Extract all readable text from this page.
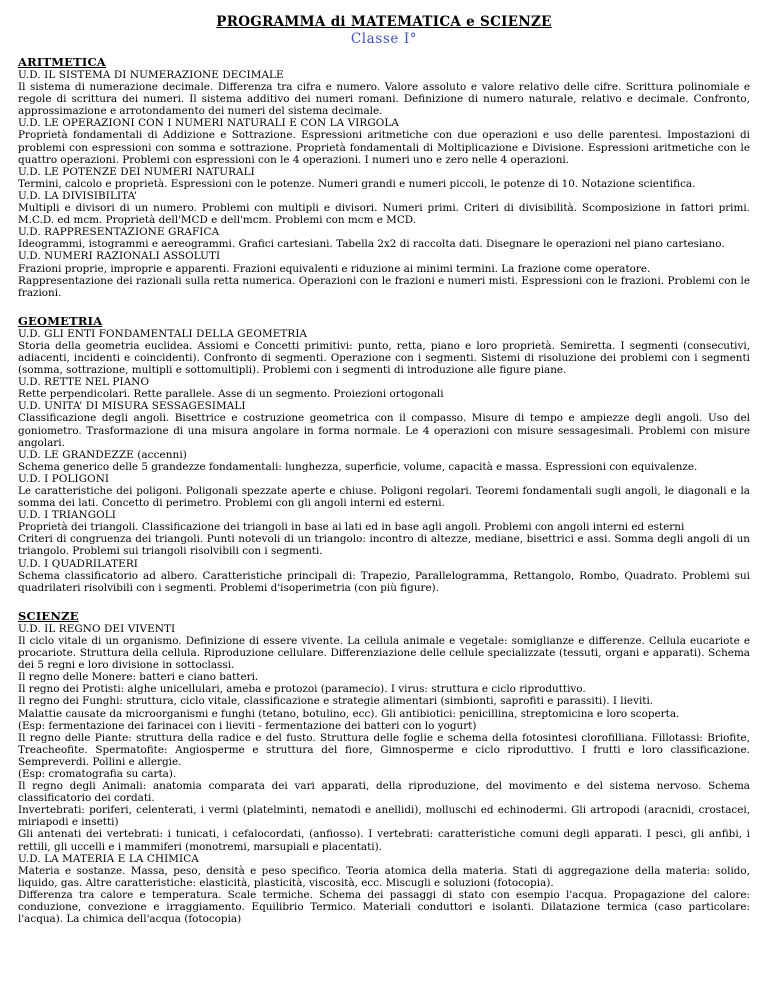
PROGRAMMA di MATEMATICA e SCIENZE
Classe I°
ARITMETICA
U.D. IL SISTEMA DI NUMERAZIONE DECIMALE
Il sistema di numerazione decimale. Differenza tra cifra e numero. Valore assoluto e valore relativo delle cifre. Scrittura polinomiale e regole di scrittura dei numeri. Il sistema additivo dei numeri romani. Definizione di numero naturale, relativo e decimale. Confronto, approssimazione e arrotondamento dei numeri del sistema decimale.
U.D. LE OPERAZIONI CON I NUMERI NATURALI E CON LA VIRGOLA
Proprietà fondamentali di Addizione e Sottrazione. Espressioni aritmetiche con due operazioni e uso delle parentesi. Impostazioni di problemi con espressioni con somma e sottrazione. Proprietà fondamentali di Moltiplicazione e Divisione. Espressioni aritmetiche con le quattro operazioni. Problemi con espressioni con le 4 operazioni. I numeri uno e zero nelle 4 operazioni.
U.D. LE POTENZE DEI NUMERI NATURALI
Termini, calcolo e proprietà. Espressioni con le potenze. Numeri grandi e numeri piccoli, le potenze di 10. Notazione scientifica.
U.D. LA DIVISIBILITA’
Multipli e divisori di un numero. Problemi con multipli e divisori. Numeri primi. Criteri di divisibilità. Scomposizione in fattori primi. M.C.D. ed mcm. Proprietà dell'MCD e dell'mcm. Problemi con mcm e MCD.
U.D. RAPPRESENTAZIONE GRAFICA
Ideogrammi, istogrammi e aereogrammi. Grafici cartesiani. Tabella 2x2 di raccolta dati. Disegnare le operazioni nel piano cartesiano.
U.D. NUMERI RAZIONALI ASSOLUTI
Frazioni proprie, improprie e apparenti. Frazioni equivalenti e riduzione ai minimi termini. La frazione come operatore.
Rappresentazione dei razionali sulla retta numerica. Operazioni con le frazioni e numeri misti. Espressioni con le frazioni. Problemi con le frazioni.
GEOMETRIA
U.D. GLI ENTI FONDAMENTALI DELLA GEOMETRIA
Storia della geometria euclidea. Assiomi e Concetti primitivi: punto, retta, piano e loro proprietà. Semiretta. I segmenti (consecutivi, adiacenti, incidenti e coincidenti). Confronto di segmenti. Operazione con i segmenti. Sistemi di risoluzione dei problemi con i segmenti (somma, sottrazione, multipli e sottomultipli). Problemi con i segmenti di introduzione alle figure piane.
U.D. RETTE NEL PIANO
Rette perpendicolari. Rette parallele. Asse di un segmento. Proiezioni ortogonali
U.D. UNITA’ DI MISURA SESSAGESIMALI
Classificazione degli angoli. Bisettrice e costruzione geometrica con il compasso. Misure di tempo e ampiezze degli angoli. Uso del goniometro. Trasformazione di una misura angolare in forma normale. Le 4 operazioni con misure sessagesimali. Problemi con misure angolari.
U.D. LE GRANDEZZE (accenni)
Schema generico delle 5 grandezze fondamentali: lunghezza, superficie, volume, capacità e massa. Espressioni con equivalenze.
U.D. I POLIGONI
Le caratteristiche dei poligoni. Poligonali spezzate aperte e chiuse. Poligoni regolari. Teoremi fondamentali sugli angoli, le diagonali e la somma dei lati. Concetto di perimetro. Problemi con gli angoli interni ed esterni.
U.D. I TRIANGOLI
Proprietà dei triangoli. Classificazione dei triangoli in base ai lati ed in base agli angoli. Problemi con angoli interni ed esterni
Criteri di congruenza dei triangoli. Punti notevoli di un triangolo: incontro di altezze, mediane, bisettrici e assi. Somma degli angoli di un triangolo. Problemi sui triangoli risolvibili con i segmenti.
U.D. I QUADRILATERI
Schema classificatorio ad albero. Caratteristiche principali di: Trapezio, Parallelogramma, Rettangolo, Rombo, Quadrato. Problemi sui quadrilateri risolvibili con i segmenti. Problemi d'isoperimetria (con più figure).
SCIENZE
U.D. IL REGNO DEI VIVENTI
Il ciclo vitale di un organismo. Definizione di essere vivente. La cellula animale e vegetale: somiglianze e differenze. Cellula eucariote e procariote. Struttura della cellula. Riproduzione cellulare. Differenziazione delle cellule specializzate (tessuti, organi e apparati). Schema dei 5 regni e loro divisione in sottoclassi.
Il regno delle Monere: batteri e ciano batteri.
Il regno dei Protisti: alghe unicellulari, ameba e protozoi (paramecio). I virus: struttura e ciclo riproduttivo.
Il regno dei Funghi: struttura, ciclo vitale, classificazione e strategie alimentari (simbionti, saprofiti e parassiti). I lieviti.
Malattie causate da microorganismi e funghi (tetano, botulino, ecc). Gli antibiotici: penicillina, streptomicina e loro scoperta.
(Esp: fermentazione dei farinacei con i lieviti - fermentazione dei batteri con lo yogurt)
Il regno delle Piante: struttura della radice e del fusto. Struttura delle foglie e schema della fotosintesi clorofilliana. Fillotassi: Briofite, Treacheofite. Spermatofite: Angiosperme e struttura del fiore, Gimnosperme e ciclo riproduttivo. I frutti e loro classificazione. Sempreverdi. Pollini e allergie.
(Esp: cromatografia su carta).
Il regno degli Animali: anatomia comparata dei vari apparati, della riproduzione, del movimento e del sistema nervoso. Schema classificatorio dei cordati.
Invertebrati: poriferi, celenterati, i vermi (platelminti, nematodi e anellidi), molluschi ed echinodermi. Gli artropodi (aracnidi, crostacei, miriapodi e insetti)
Gli antenati dei vertebrati: i tunicati, i cefalocordati, (anfiosso). I vertebrati: caratteristiche comuni degli apparati. I pesci, gli anfibi, i rettili, gli uccelli e i mammiferi (monotremi, marsupiali e placentati).
U.D. LA MATERIA E LA CHIMICA
Materia e sostanze. Massa, peso, densità e peso specifico. Teoria atomica della materia. Stati di aggregazione della materia: solido, liquido, gas. Altre caratteristiche: elasticità, plasticità, viscosità, ecc. Miscugli e soluzioni (fotocopia).
Differenza tra calore e temperatura. Scale termiche. Schema dei passaggi di stato con esempio l'acqua. Propagazione del calore: conduzione, convezione e irraggiamento. Equilibrio Termico. Materiali conduttori e isolanti. Dilatazione termica (caso particolare: l'acqua). La chimica dell'acqua (fotocopia)
